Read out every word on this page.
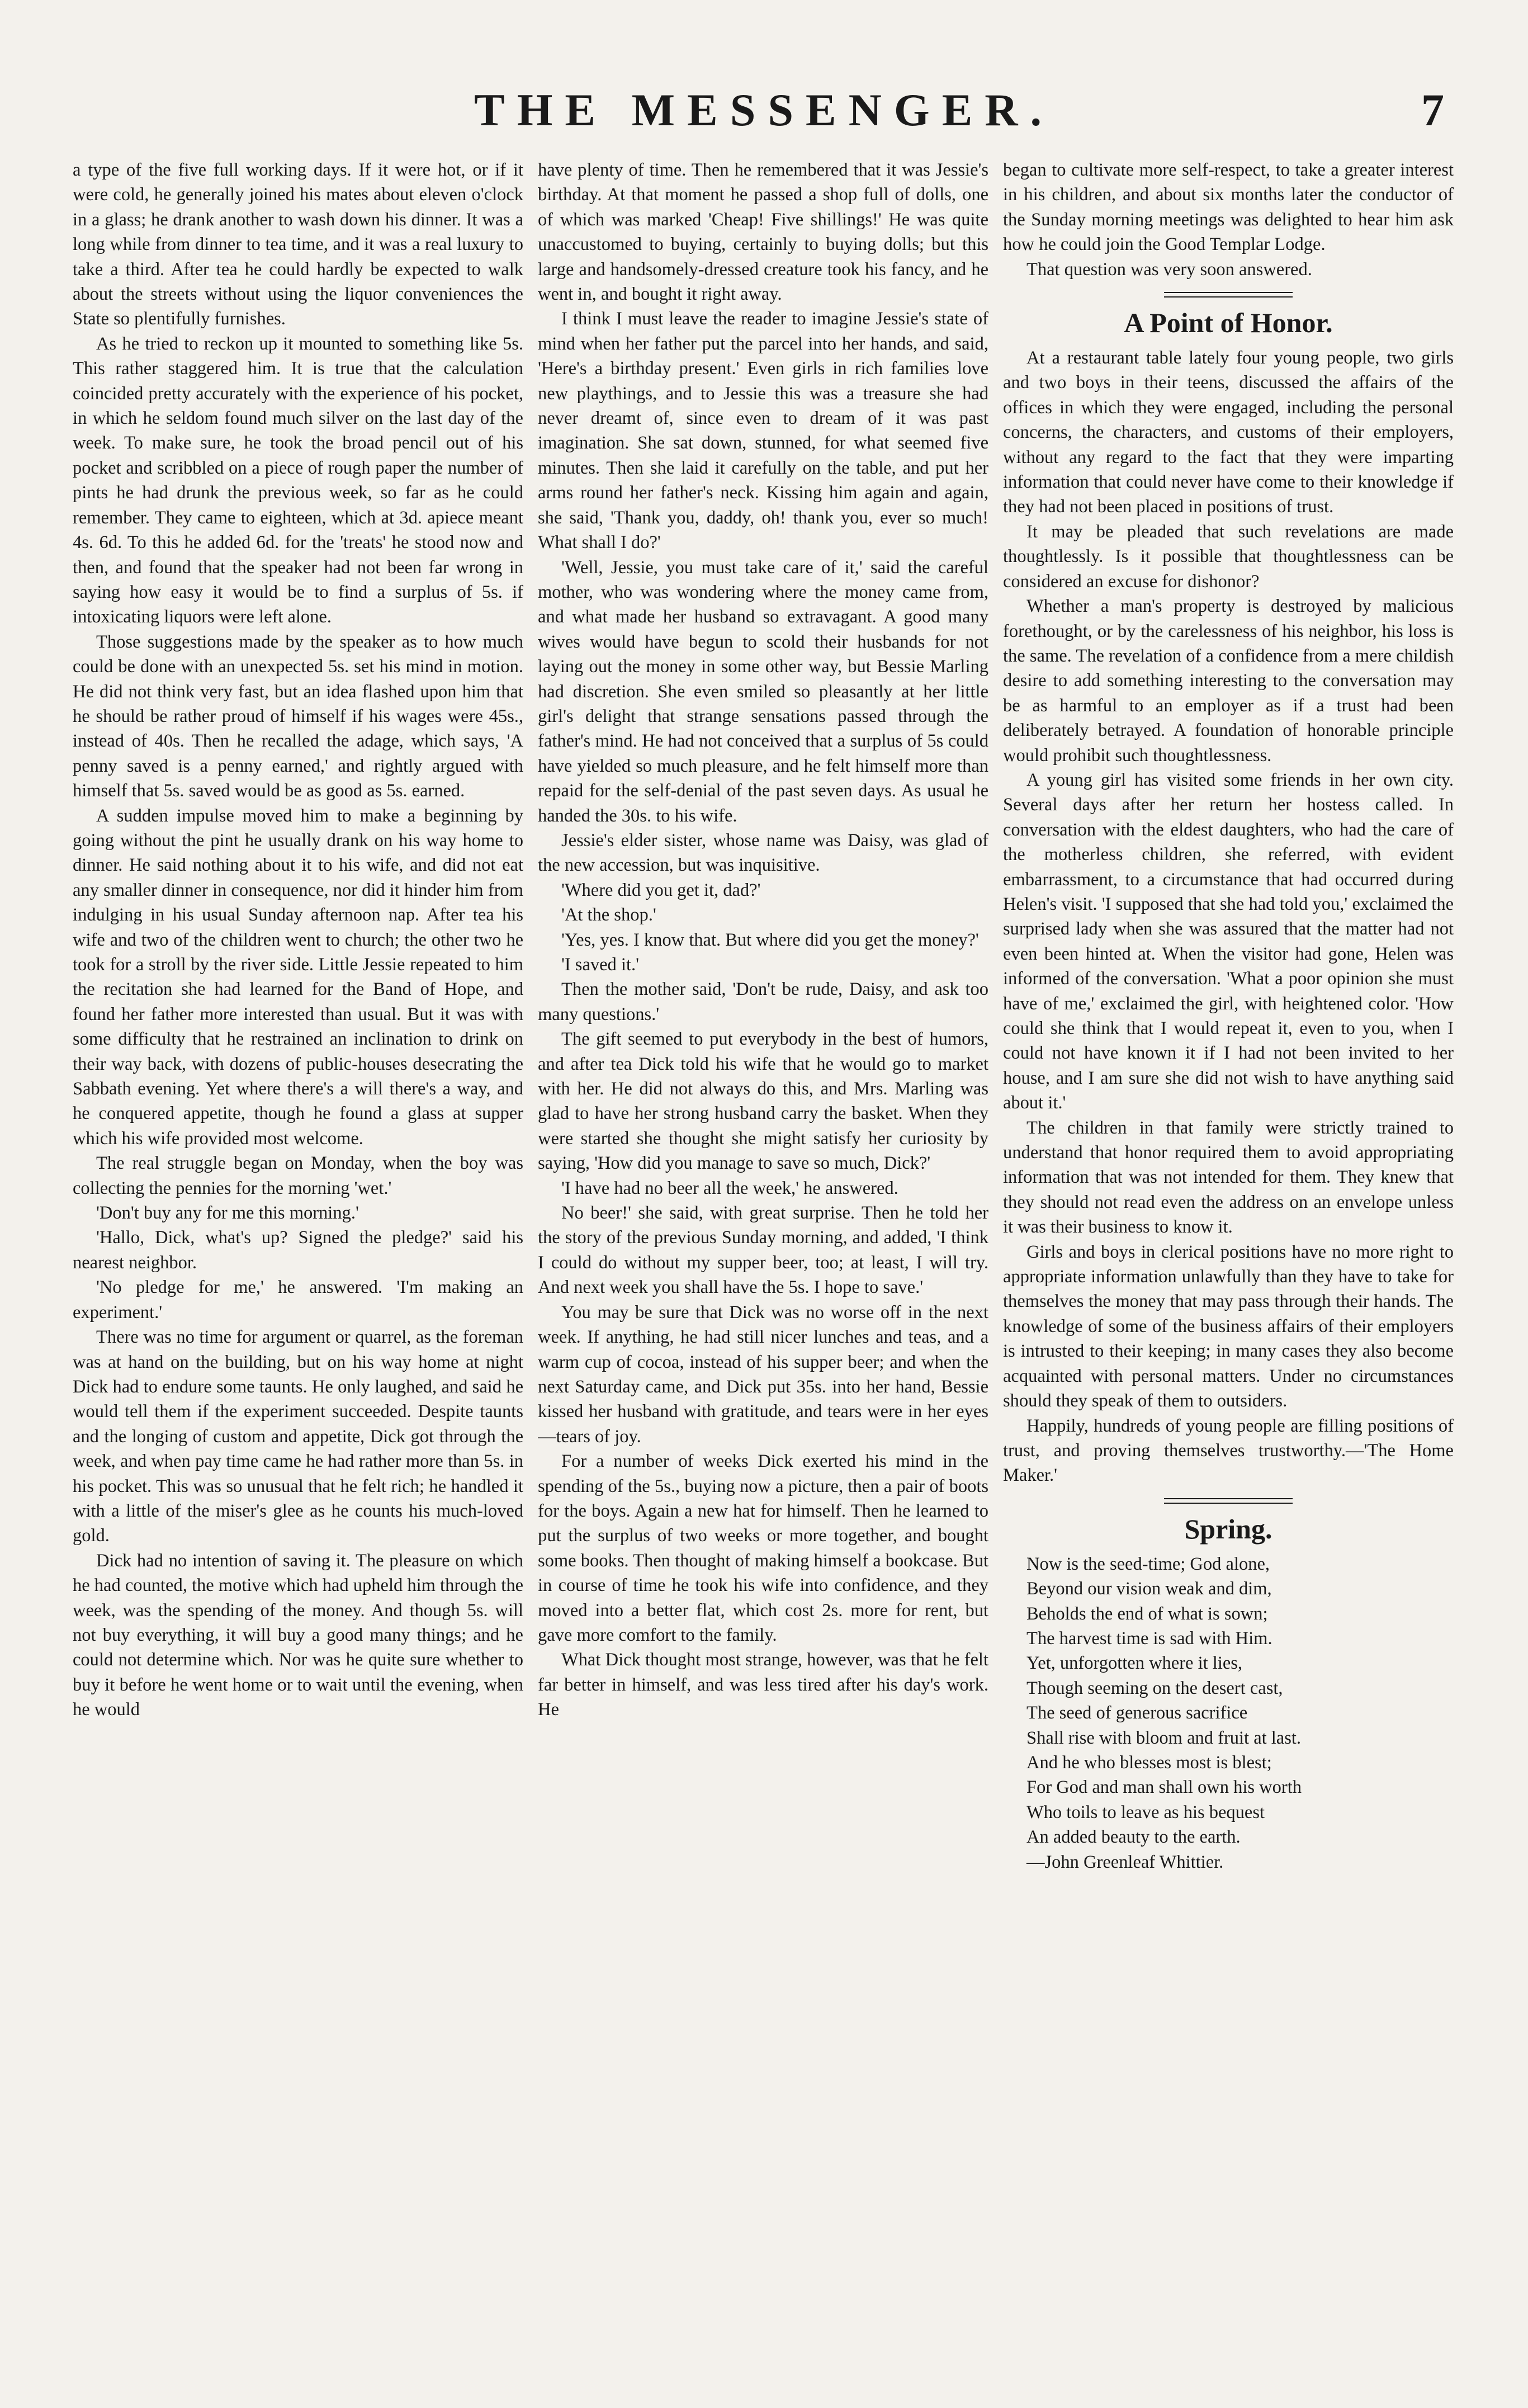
THE MESSENGER.	7

a type of the five full working days. If it were hot, or if it were cold, he generally joined his mates about eleven o'clock in a glass; he drank another to wash down his dinner. It was a long while from dinner to tea time, and it was a real luxury to take a third. After tea he could hardly be expected to walk about the streets without using the liquor conveniences the State so plentifully furnishes.

As he tried to reckon up it mounted to something like 5s. This rather staggered him. It is true that the calculation coincided pretty accurately with the experience of his pocket, in which he seldom found much silver on the last day of the week. To make sure, he took the broad pencil out of his pocket and scribbled on a piece of rough paper the number of pints he had drunk the previous week, so far as he could remember. They came to eighteen, which at 3d. apiece meant 4s. 6d. To this he added 6d. for the 'treats' he stood now and then, and found that the speaker had not been far wrong in saying how easy it would be to find a surplus of 5s. if intoxicating liquors were left alone.

Those suggestions made by the speaker as to how much could be done with an unexpected 5s. set his mind in motion. He did not think very fast, but an idea flashed upon him that he should be rather proud of himself if his wages were 45s., instead of 40s. Then he recalled the adage, which says, 'A penny saved is a penny earned,' and rightly argued with himself that 5s. saved would be as good as 5s. earned.

A sudden impulse moved him to make a beginning by going without the pint he usually drank on his way home to dinner. He said nothing about it to his wife, and did not eat any smaller dinner in consequence, nor did it hinder him from indulging in his usual Sunday afternoon nap. After tea his wife and two of the children went to church; the other two he took for a stroll by the river side. Little Jessie repeated to him the recitation she had learned for the Band of Hope, and found her father more interested than usual. But it was with some difficulty that he restrained an inclination to drink on their way back, with dozens of public-houses desecrating the Sabbath evening. Yet where there's a will there's a way, and he conquered appetite, though he found a glass at supper which his wife provided most welcome.

The real struggle began on Monday, when the boy was collecting the pennies for the morning 'wet.'

'Don't buy any for me this morning.'

'Hallo, Dick, what's up? Signed the pledge?' said his nearest neighbor.

'No pledge for me,' he answered. 'I'm making an experiment.'

There was no time for argument or quarrel, as the foreman was at hand on the building, but on his way home at night Dick had to endure some taunts. He only laughed, and said he would tell them if the experiment succeeded. Despite taunts and the longing of custom and appetite, Dick got through the week, and when pay time came he had rather more than 5s. in his pocket. This was so unusual that he felt rich; he handled it with a little of the miser's glee as he counts his much-loved gold.

Dick had no intention of saving it. The pleasure on which he had counted, the motive which had upheld him through the week, was the spending of the money. And though 5s. will not buy everything, it will buy a good many things; and he could not determine which. Nor was he quite sure whether to buy it before he went home or to wait until the evening, when he would

have plenty of time. Then he remembered that it was Jessie's birthday. At that moment he passed a shop full of dolls, one of which was marked 'Cheap! Five shillings!' He was quite unaccustomed to buying, certainly to buying dolls; but this large and handsomely-dressed creature took his fancy, and he went in, and bought it right away.

I think I must leave the reader to imagine Jessie's state of mind when her father put the parcel into her hands, and said, 'Here's a birthday present.' Even girls in rich families love new playthings, and to Jessie this was a treasure she had never dreamt of, since even to dream of it was past imagination. She sat down, stunned, for what seemed five minutes. Then she laid it carefully on the table, and put her arms round her father's neck. Kissing him again and again, she said, 'Thank you, daddy, oh! thank you, ever so much! What shall I do?'

'Well, Jessie, you must take care of it,' said the careful mother, who was wondering where the money came from, and what made her husband so extravagant. A good many wives would have begun to scold their husbands for not laying out the money in some other way, but Bessie Marling had discretion. She even smiled so pleasantly at her little girl's delight that strange sensations passed through the father's mind. He had not conceived that a surplus of 5s could have yielded so much pleasure, and he felt himself more than repaid for the self-denial of the past seven days. As usual he handed the 30s. to his wife.

Jessie's elder sister, whose name was Daisy, was glad of the new accession, but was inquisitive.

'Where did you get it, dad?'

'At the shop.'

'Yes, yes. I know that. But where did you get the money?'

'I saved it.'

Then the mother said, 'Don't be rude, Daisy, and ask too many questions.'

The gift seemed to put everybody in the best of humors, and after tea Dick told his wife that he would go to market with her. He did not always do this, and Mrs. Marling was glad to have her strong husband carry the basket. When they were started she thought she might satisfy her curiosity by saying, 'How did you manage to save so much, Dick?'

'I have had no beer all the week,' he answered.

No beer!' she said, with great surprise. Then he told her the story of the previous Sunday morning, and added, 'I think I could do without my supper beer, too; at least, I will try. And next week you shall have the 5s. I hope to save.'

You may be sure that Dick was no worse off in the next week. If anything, he had still nicer lunches and teas, and a warm cup of cocoa, instead of his supper beer; and when the next Saturday came, and Dick put 35s. into her hand, Bessie kissed her husband with gratitude, and tears were in her eyes—tears of joy.

For a number of weeks Dick exerted his mind in the spending of the 5s., buying now a picture, then a pair of boots for the boys. Again a new hat for himself. Then he learned to put the surplus of two weeks or more together, and bought some books. Then thought of making himself a bookcase. But in course of time he took his wife into confidence, and they moved into a better flat, which cost 2s. more for rent, but gave more comfort to the family.

What Dick thought most strange, however, was that he felt far better in himself, and was less tired after his day's work. He

began to cultivate more self-respect, to take a greater interest in his children, and about six months later the conductor of the Sunday morning meetings was delighted to hear him ask how he could join the Good Templar Lodge.

That question was very soon answered.

A Point of Honor.

At a restaurant table lately four young people, two girls and two boys in their teens, discussed the affairs of the offices in which they were engaged, including the personal concerns, the characters, and customs of their employers, without any regard to the fact that they were imparting information that could never have come to their knowledge if they had not been placed in positions of trust.

It may be pleaded that such revelations are made thoughtlessly. Is it possible that thoughtlessness can be considered an excuse for dishonor?

Whether a man's property is destroyed by malicious forethought, or by the carelessness of his neighbor, his loss is the same. The revelation of a confidence from a mere childish desire to add something interesting to the conversation may be as harmful to an employer as if a trust had been deliberately betrayed. A foundation of honorable principle would prohibit such thoughtlessness.

A young girl has visited some friends in her own city. Several days after her return her hostess called. In conversation with the eldest daughters, who had the care of the motherless children, she referred, with evident embarrassment, to a circumstance that had occurred during Helen's visit. 'I supposed that she had told you,' exclaimed the surprised lady when she was assured that the matter had not even been hinted at. When the visitor had gone, Helen was informed of the conversation. 'What a poor opinion she must have of me,' exclaimed the girl, with heightened color. 'How could she think that I would repeat it, even to you, when I could not have known it if I had not been invited to her house, and I am sure she did not wish to have anything said about it.'

The children in that family were strictly trained to understand that honor required them to avoid appropriating information that was not intended for them. They knew that they should not read even the address on an envelope unless it was their business to know it.

Girls and boys in clerical positions have no more right to appropriate information unlawfully than they have to take for themselves the money that may pass through their hands. The knowledge of some of the business affairs of their employers is intrusted to their keeping; in many cases they also become acquainted with personal matters. Under no circumstances should they speak of them to outsiders.

Happily, hundreds of young people are filling positions of trust, and proving themselves trustworthy.—'The Home Maker.'

Spring.
Now is the seed-time; God alone,
Beyond our vision weak and dim,
Beholds the end of what is sown;
The harvest time is sad with Him.
Yet, unforgotten where it lies,
Though seeming on the desert cast,
The seed of generous sacrifice
Shall rise with bloom and fruit at last.
And he who blesses most is blest;
For God and man shall own his worth
Who toils to leave as his bequest
An added beauty to the earth.

—John Greenleaf Whittier.
